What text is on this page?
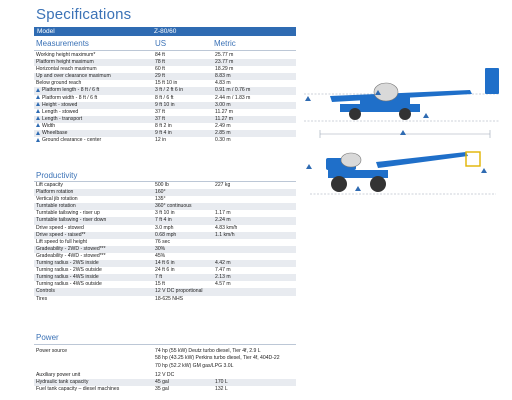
Specifications
Model	Z-80/60
Measurements	US	Metric
Working height maximum*	84 ft	25.77 m
Platform height maximum	78 ft	23.77 m
Horizontal reach maximum	60 ft	18.29 m
Up and over clearance maximum	29 ft	8.83 m
Below ground reach	15 ft 10 in	4.83 m
Platform length - 8 ft / 6 ft	3 ft / 2 ft 6 in	0.91 m / 0.76 m
Platform width - 8 ft / 6 ft	8 ft / 6 ft	2.44 m / 1.83 m
Height - stowed	9 ft 10 in	3.00 m
Length - stowed	37 ft	11.27 m
Length - transport	37 ft	11.27 m
Width	8 ft 2 in	2.49 m
Wheelbase	9 ft 4 in	2.85 m
Ground clearance - center	12 in	0.30 m
Productivity
Lift capacity	500 lb	227 kg
Platform rotation	160°	
Vertical jib rotation	135°	
Turntable rotation	360° continuous	
Turntable tailswing - riser up	3 ft 10 in	1.17 m
Turntable tailswing - riser down	7 ft 4 in	2.24 m
Drive speed - stowed	3.0 mph	4.83 km/h
Drive speed - raised**	0.68 mph	1.1 km/h
Lift speed to full height	76 sec	
Gradeability - 2WD - stowed***	30%	
Gradeability - 4WD - stowed***	45%	
Turning radius - 2WS inside	14 ft 6 in	4.42 m
Turning radius - 2WS outside	24 ft 6 in	7.47 m
Turning radius - 4WS inside	7 ft	2.13 m
Turning radius - 4WS outside	15 ft	4.57 m
Controls	12 V DC proportional	
Tires	18-625 NHS	
Power
Power source	74 hp (55 kW) Deutz turbo diesel, Tier 4f, 2.9 L
58 hp (43.25 kW) Perkins turbo diesel, Tier 4f, 404D-22
70 hp (52.2 kW) GM gas/LPG 3.0L
Auxiliary power unit	12 V DC	
Hydraulic tank capacity	45 gal	170 L
Fuel tank capacity – diesel machines	35 gal	132 L
